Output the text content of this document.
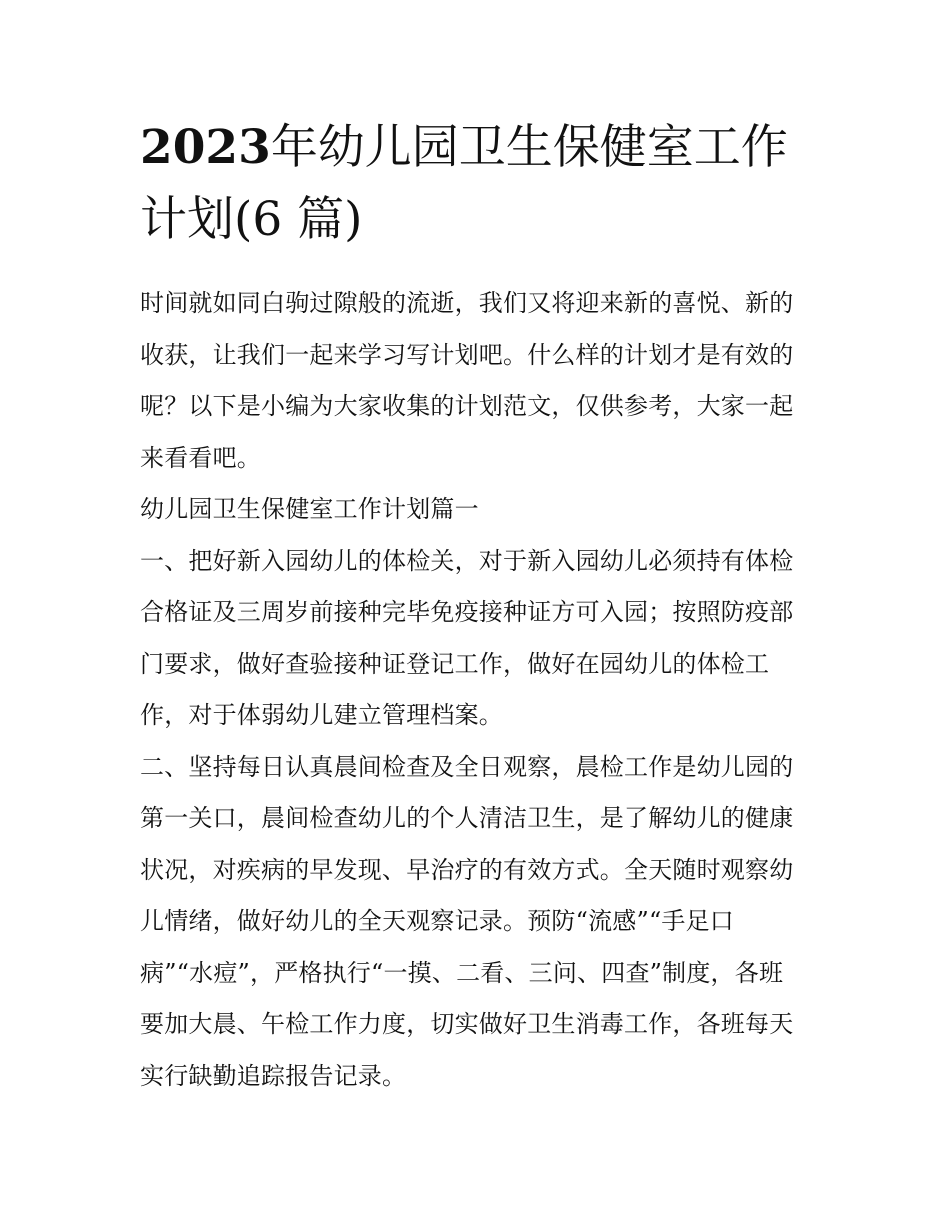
2023年幼儿园卫生保健室工作
计划(6 篇)
时间就如同白驹过隙般的流逝，我们又将迎来新的喜悦、新的
收获，让我们一起来学习写计划吧。什么样的计划才是有效的
呢？以下是小编为大家收集的计划范文，仅供参考，大家一起
来看看吧。
幼儿园卫生保健室工作计划篇一
一、把好新入园幼儿的体检关，对于新入园幼儿必须持有体检
合格证及三周岁前接种完毕免疫接种证方可入园；按照防疫部
门要求，做好查验接种证登记工作，做好在园幼儿的体检工
作，对于体弱幼儿建立管理档案。
二、坚持每日认真晨间检查及全日观察，晨检工作是幼儿园的
第一关口，晨间检查幼儿的个人清洁卫生，是了解幼儿的健康
状况，对疾病的早发现、早治疗的有效方式。全天随时观察幼
儿情绪，做好幼儿的全天观察记录。预防“流感”“手足口
病”“水痘”，严格执行“一摸、二看、三问、四查”制度，各班
要加大晨、午检工作力度，切实做好卫生消毒工作，各班每天
实行缺勤追踪报告记录。
